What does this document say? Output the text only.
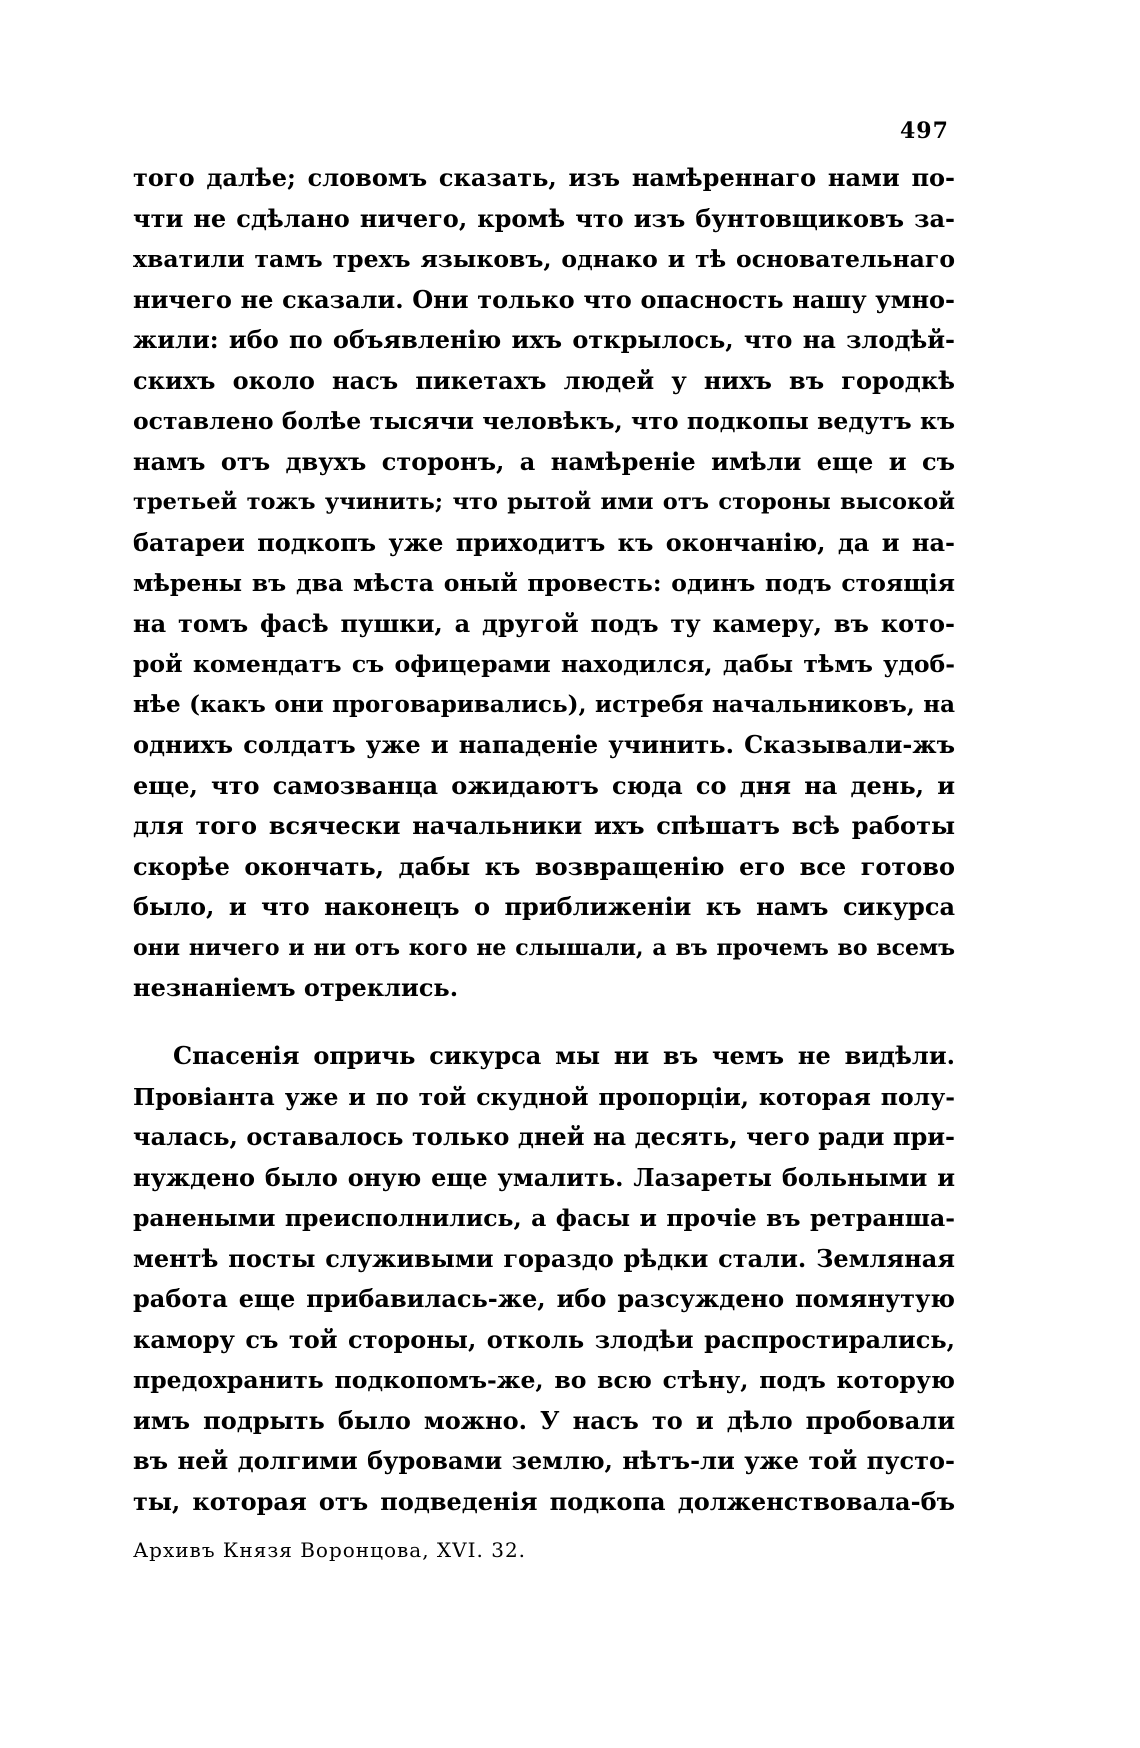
497
того далѣе; словомъ сказать, изъ намѣреннаго нами по-
чти не сдѣлано ничего, кромѣ что изъ бунтовщиковъ за-
хватили тамъ трехъ языковъ, однако и тѣ основательнаго
ничего не сказали. Они только что опасность нашу умно-
жили: ибо по объявленію ихъ открылось, что на злодѣй-
скихъ около насъ пикетахъ людей у нихъ въ городкѣ
оставлено болѣе тысячи человѣкъ, что подкопы ведутъ къ
намъ отъ двухъ сторонъ, а намѣреніе имѣли еще и съ
третьей тожъ учинить; что рытой ими отъ стороны высокой
батареи подкопъ уже приходитъ къ окончанію, да и на-
мѣрены въ два мѣста оный провесть: одинъ подъ стоящія
на томъ фасѣ пушки, а другой подъ ту камеру, въ кото-
рой комендатъ съ офицерами находился, дабы тѣмъ удоб-
нѣе (какъ они проговаривались), истребя начальниковъ, на
однихъ солдатъ уже и нападеніе учинить. Сказывали-жъ
еще, что самозванца ожидаютъ сюда со дня на день, и
для того всячески начальники ихъ спѣшатъ всѣ работы
скорѣе окончать, дабы къ возвращенію его все готово
было, и что наконецъ о приближеніи къ намъ сикурса
они ничего и ни отъ кого не слышали, а въ прочемъ во всемъ
незнаніемъ отреклись.
Спасенія опричь сикурса мы ни въ чемъ не видѣли.
Провіанта уже и по той скудной пропорціи, которая полу-
чалась, оставалось только дней на десять, чего ради при-
нуждено было оную еще умалить. Лазареты больными и
ранеными преисполнились, а фасы и прочіе въ ретранша-
ментѣ посты служивыми гораздо рѣдки стали. Земляная
работа еще прибавилась-же, ибо разсуждено помянутую
камору съ той стороны, отколь злодѣи распростирались,
предохранить подкопомъ-же, во всю стѣну, подъ которую
имъ подрыть было можно. У насъ то и дѣло пробовали
въ ней долгими буровами землю, нѣтъ-ли уже той пусто-
ты, которая отъ подведенія подкопа долженствовала-бъ
Архивъ Князя Воронцова, XVI. 32.
